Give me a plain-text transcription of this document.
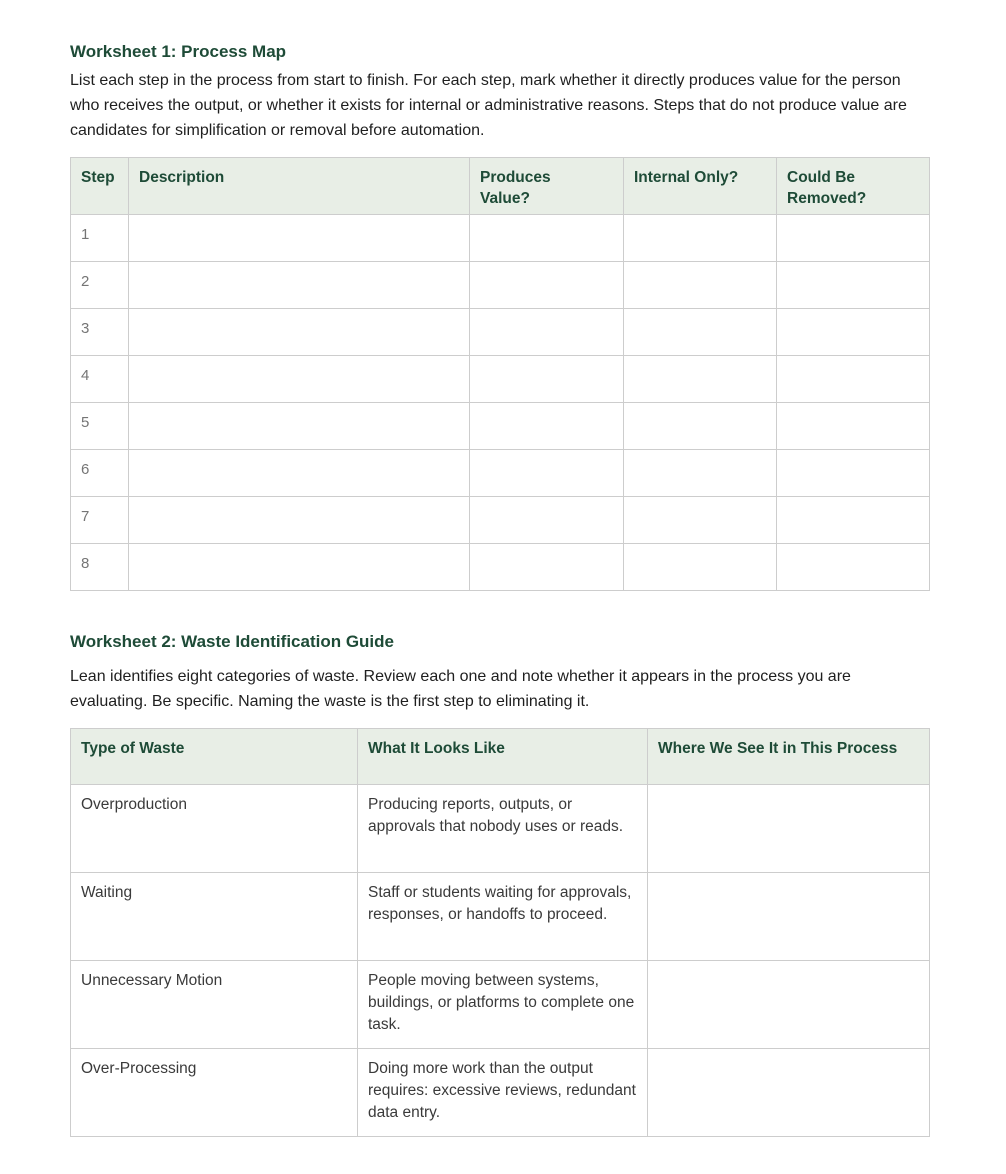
Worksheet 1: Process Map

List each step in the process from start to finish. For each step, mark whether it directly produces value for the person who receives the output, or whether it exists for internal or administrative reasons. Steps that do not produce value are candidates for simplification or removal before automation.

Step	Description	Produces Value?	Internal Only?	Could Be Removed?
1				
2				
3				
4				
5				
6				
7				
8				
Worksheet 2: Waste Identification Guide

Lean identifies eight categories of waste. Review each one and note whether it appears in the process you are evaluating. Be specific. Naming the waste is the first step to eliminating it.

Type of Waste	What It Looks Like	Where We See It in This Process
Overproduction	Producing reports, outputs, or approvals that nobody uses or reads.	
Waiting	Staff or students waiting for approvals, responses, or handoffs to proceed.	
Unnecessary Motion	People moving between systems, buildings, or platforms to complete one task.	
Over-Processing	Doing more work than the output requires: excessive reviews, redundant data entry.	
